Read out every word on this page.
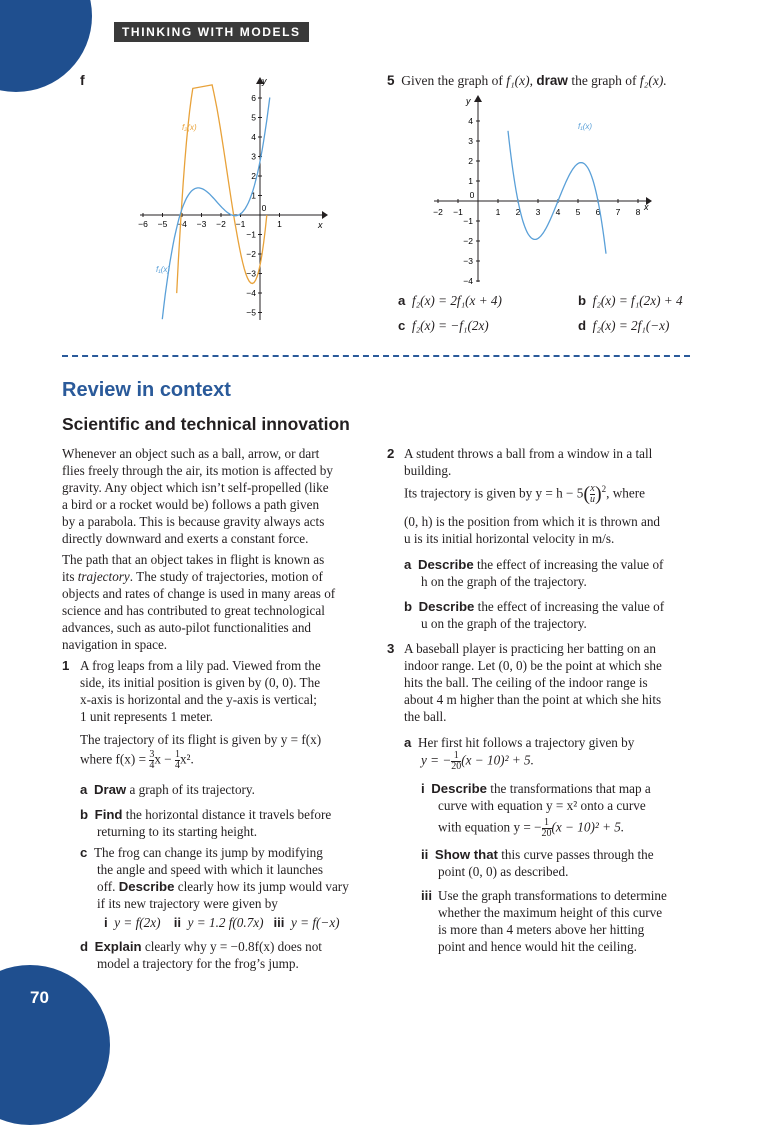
70
THINKING WITH MODELS
f
x
y
−6 −5 −4 −3 −2 −1
0
1
1
2
3
4
5
6
−1
−2
−3
−4
−5
f₂(x)
f₁(x)
5 Given the graph of f₁(x), draw the graph of f₂(x).
x
y
−2 −1
0
1 2 3 4 5 6 7 8
1
2
3
4
−1
−2
−3
−4
f₁(x)
a f₂(x) = 2f₁(x + 4)	b f₂(x) = f₁(2x) + 4
c f₂(x) = −f₁(2x)	d f₂(x) = 2f₁(−x)
Review in context
Scientific and technical innovation
Whenever an object such as a ball, arrow, or dart
flies freely through the air, its motion is affected by
gravity. Any object which isn’t self-propelled (like
a bird or a rocket would be) follows a path given
by a parabola. This is because gravity always acts
directly downward and exerts a constant force.
The path that an object takes in flight is known as
its trajectory. The study of trajectories, motion of
objects and rates of change is used in many areas of
science and has contributed to great technological
advances, such as auto-pilot functionalities and
navigation in space.
1 A frog leaps from a lily pad. Viewed from the
side, its initial position is given by (0, 0). The
x-axis is horizontal and the y-axis is vertical;
1 unit represents 1 meter.
The trajectory of its flight is given by y = f(x)
where $f(x) = \frac{3}{4}$ $x - \frac{1}{4} x^2$.
a Draw a graph of its trajectory.
b Find the horizontal distance it travels before
returning to its starting height.
c The frog can change its jump by modifying
the angle and speed with which it launches
off. Describe clearly how its jump would vary
if its new trajectory were given by
i y = f(2x) ii y = 1.2 f(0.7x) iii y = f(−x)
d Explain clearly why y = −0.8f(x) does not
model a trajectory for the frog’s jump.
2 A student throws a ball from a window in a tall
building.
Its trajectory is given by $y = h - 5( \frac{x}{u} )^2$, where
(0, h) is the position from which it is thrown and
u is its initial horizontal velocity in m/s.
a Describe the effect of increasing the value of
h on the graph of the trajectory.
b Describe the effect of increasing the value of
u on the graph of the trajectory.
3 A baseball player is practicing her batting on an
indoor range. Let (0, 0) be the point at which she
hits the ball. The ceiling of the indoor range is
about 4 m higher than the point at which she hits
the ball.
a Her first hit follows a trajectory given by
y = − $\frac{1}{20} (x - 10)^2 + 5$.
i Describe the transformations that map a
curve with equation y = x² onto a curve
with equation y = − $\frac{1}{20} (x - 10)^2 + 5$.
ii Show that this curve passes through the
point (0, 0) as described.
iii Use the graph transformations to determine
whether the maximum height of this curve
is more than 4 meters above her hitting
point and hence would hit the ceiling.
